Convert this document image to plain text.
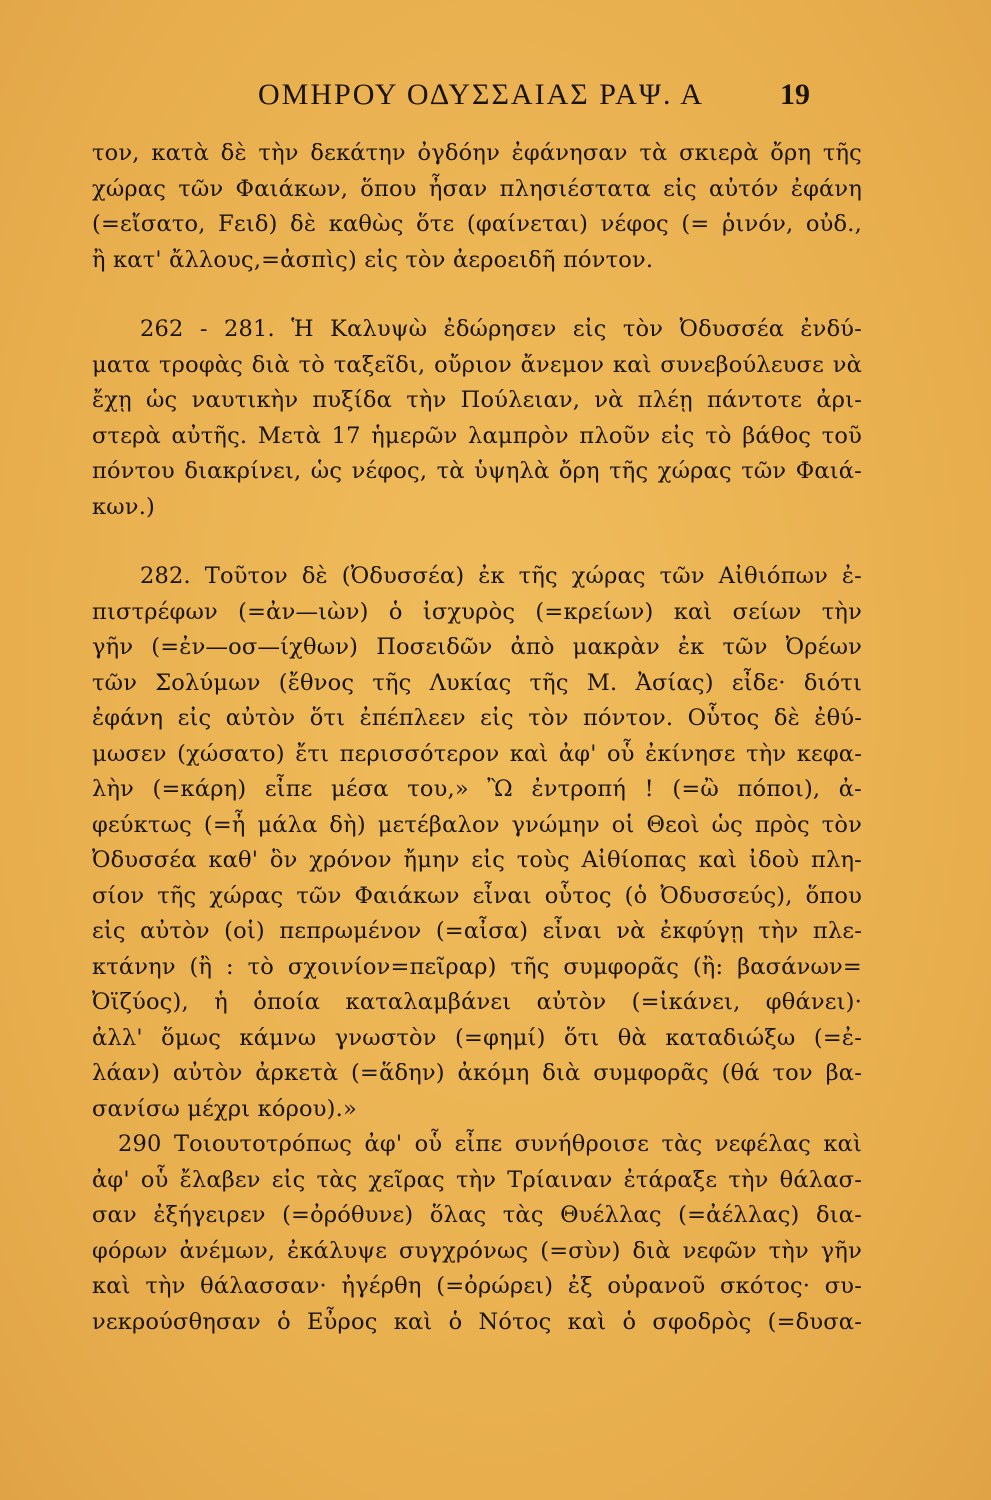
ΟΜΗΡΟΥ ΟΔΥΣΣΑΙΑΣ ΡΑΨ. Α	19
τον, κατὰ δὲ τὴν δεκάτην ὀγδόην ἐφάνησαν τὰ σκιερὰ ὄρη τῆς
χώρας τῶν Φαιάκων, ὅπου ἦσαν πλησιέστατα εἰς αὐτόν ἐφάνη
(=εἴσατο, Fειδ) δὲ καθὼς ὅτε (φαίνεται) νέφος (= ῥινόν, οὐδ.,
ἢ κατ' ἄλλους,=ἀσπὶς) εἰς τὸν ἀεροειδῆ πόντον.
262 - 281. Ἡ Καλυψὼ ἐδώρησεν εἰς τὸν Ὀδυσσέα ἐνδύ-
ματα τροφὰς διὰ τὸ ταξεῖδι, οὔριον ἄνεμον καὶ συνεβούλευσε νὰ
ἔχῃ ὡς ναυτικὴν πυξίδα τὴν Πούλειαν, νὰ πλέῃ πάντοτε ἀρι-
στερὰ αὐτῆς. Μετὰ 17 ἡμερῶν λαμπρὸν πλοῦν εἰς τὸ βάθος τοῦ
πόντου διακρίνει, ὡς νέφος, τὰ ὑψηλὰ ὄρη τῆς χώρας τῶν Φαιά-
κων.)
282. Τοῦτον δὲ (Ὀδυσσέα) ἐκ τῆς χώρας τῶν Αἰθιόπων ἐ-
πιστρέφων (=ἀν—ιὼν) ὁ ἰσχυρὸς (=κρείων) καὶ σείων τὴν
γῆν (=ἐν—οσ—ίχθων) Ποσειδῶν ἀπὸ μακρὰν ἐκ τῶν Ὀρέων
τῶν Σολύμων (ἔθνος τῆς Λυκίας τῆς Μ. Ἀσίας) εἶδε· διότι
ἐφάνη εἰς αὐτὸν ὅτι ἐπέπλεεν εἰς τὸν πόντον. Οὗτος δὲ ἐθύ-
μωσεν (χώσατο) ἔτι περισσότερον καὶ ἀφ' οὗ ἐκίνησε τὴν κεφα-
λὴν (=κάρη) εἶπε μέσα του,» Ὢ ἐντροπή ! (=ὢ πόποι), ἀ-
φεύκτως (=ἦ μάλα δὴ) μετέβαλον γνώμην οἱ Θεοὶ ὡς πρὸς τὸν
Ὀδυσσέα καθ' ὃν χρόνον ἤμην εἰς τοὺς Αἰθίοπας καὶ ἰδοὺ πλη-
σίον τῆς χώρας τῶν Φαιάκων εἶναι οὗτος (ὁ Ὀδυσσεύς), ὅπου
εἰς αὐτὸν (οἱ) πεπρωμένον (=αἶσα) εἶναι νὰ ἐκφύγῃ τὴν πλε-
κτάνην (ἢ : τὸ σχοινίον=πεῖραρ) τῆς συμφορᾶς (ἢ: βασάνων=
Ὀϊζύος), ἡ ὁποία καταλαμβάνει αὐτὸν (=ἱκάνει, φθάνει)·
ἀλλ' ὅμως κάμνω γνωστὸν (=φημί) ὅτι θὰ καταδιώξω (=ἐ-
λάαν) αὐτὸν ἀρκετὰ (=ἅδην) ἀκόμη διὰ συμφορᾶς (θά τον βα-
σανίσω μέχρι κόρου).»
290 Τοιουτοτρόπως ἀφ' οὗ εἶπε συνήθροισε τὰς νεφέλας καὶ
ἀφ' οὗ ἔλαβεν εἰς τὰς χεῖρας τὴν Τρίαιναν ἐτάραξε τὴν θάλασ-
σαν ἐξήγειρεν (=ὀρόθυνε) ὅλας τὰς Θυέλλας (=ἀέλλας) δια-
φόρων ἀνέμων, ἐκάλυψε συγχρόνως (=σὺν) διὰ νεφῶν τὴν γῆν
καὶ τὴν θάλασσαν· ἠγέρθη (=ὀρώρει) ἐξ οὐρανοῦ σκότος· συ-
νεκρούσθησαν ὁ Εὖρος καὶ ὁ Νότος καὶ ὁ σφοδρὸς (=δυσα-
